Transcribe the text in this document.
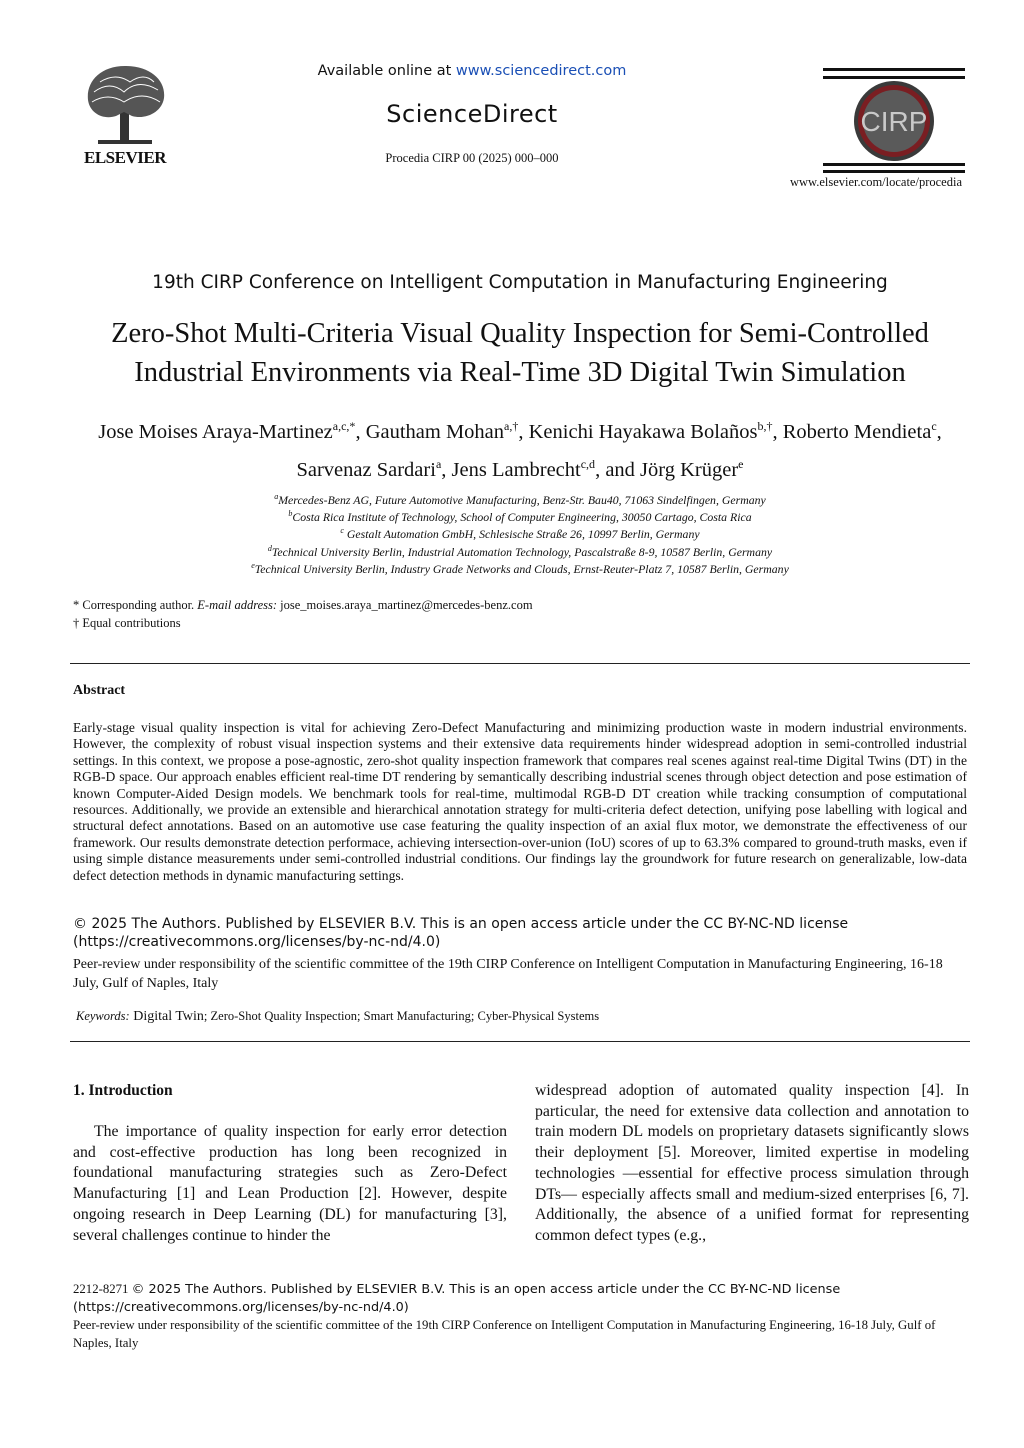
Available online at www.sciencedirect.com
ScienceDirect
Procedia CIRP 00 (2025) 000–000
ELSEVIER
CIRP
www.elsevier.com/locate/procedia
19th CIRP Conference on Intelligent Computation in Manufacturing Engineering
Zero-Shot Multi-Criteria Visual Quality Inspection for Semi-Controlled
Industrial Environments via Real-Time 3D Digital Twin Simulation
Jose Moises Araya-Martinez$^{a,c,*}$, Gautham Mohan$^{a,\dagger}$, Kenichi Hayakawa Bolaños$^{b,\dagger}$, Roberto Mendieta$^c$, Sarvenaz Sardari$^a$, Jens Lambrecht$^{c,d}$, and Jörg Krüger$^e$
$^a$Mercedes-Benz AG, Future Automotive Manufacturing, Benz-Str. Bau40, 71063 Sindelfingen, Germany
$^b$Costa Rica Institute of Technology, School of Computer Engineering, 30050 Cartago, Costa Rica
$^c$ Gestalt Automation GmbH, Schlesische Straße 26, 10997 Berlin, Germany
$^d$Technical University Berlin, Industrial Automation Technology, Pascalstraße 8-9, 10587 Berlin, Germany
$^e$Technical University Berlin, Industry Grade Networks and Clouds, Ernst-Reuter-Platz 7, 10587 Berlin, Germany
* Corresponding author. E-mail address: jose_moises.araya_martinez@mercedes-benz.com
† Equal contributions
Abstract
Early-stage visual quality inspection is vital for achieving Zero-Defect Manufacturing and minimizing production waste in modern industrial environments. However, the complexity of robust visual inspection systems and their extensive data requirements hinder widespread adoption in semi-controlled industrial settings. In this context, we propose a pose-agnostic, zero-shot quality inspection framework that compares real scenes against real-time Digital Twins (DT) in the RGB-D space. Our approach enables efficient real-time DT rendering by semantically describing industrial scenes through object detection and pose estimation of known Computer-Aided Design models. We benchmark tools for real-time, multimodal RGB-D DT creation while tracking consumption of computational resources. Additionally, we provide an extensible and hierarchical annotation strategy for multi-criteria defect detection, unifying pose labelling with logical and structural defect annotations. Based on an automotive use case featuring the quality inspection of an axial flux motor, we demonstrate the effectiveness of our framework. Our results demonstrate detection performace, achieving intersection-over-union (IoU) scores of up to 63.3% compared to ground-truth masks, even if using simple distance measurements under semi-controlled industrial conditions. Our findings lay the groundwork for future research on generalizable, low-data defect detection methods in dynamic manufacturing settings.
© 2025 The Authors. Published by ELSEVIER B.V. This is an open access article under the CC BY-NC-ND license
(https://creativecommons.org/licenses/by-nc-nd/4.0)
Peer-review under responsibility of the scientific committee of the 19th CIRP Conference on Intelligent Computation in Manufacturing Engineering, 16-18 July, Gulf of Naples, Italy
Keywords: Digital Twin; Zero-Shot Quality Inspection; Smart Manufacturing; Cyber-Physical Systems
1. Introduction
The importance of quality inspection for early error detection and cost-effective production has long been recognized in foundational manufacturing strategies such as Zero-Defect Manufacturing [1] and Lean Production [2]. However, despite ongoing research in Deep Learning (DL) for manufacturing [3], several challenges continue to hinder the
widespread adoption of automated quality inspection [4]. In particular, the need for extensive data collection and annotation to train modern DL models on proprietary datasets significantly slows their deployment [5]. Moreover, limited expertise in modeling technologies —essential for effective process simulation through DTs— especially affects small and medium-sized enterprises [6, 7]. Additionally, the absence of a unified format for representing common defect types (e.g.,
2212-8271 © 2025 The Authors. Published by ELSEVIER B.V. This is an open access article under the CC BY-NC-ND license
(https://creativecommons.org/licenses/by-nc-nd/4.0)
Peer-review under responsibility of the scientific committee of the 19th CIRP Conference on Intelligent Computation in Manufacturing Engineering, 16-18 July, Gulf of Naples, Italy
